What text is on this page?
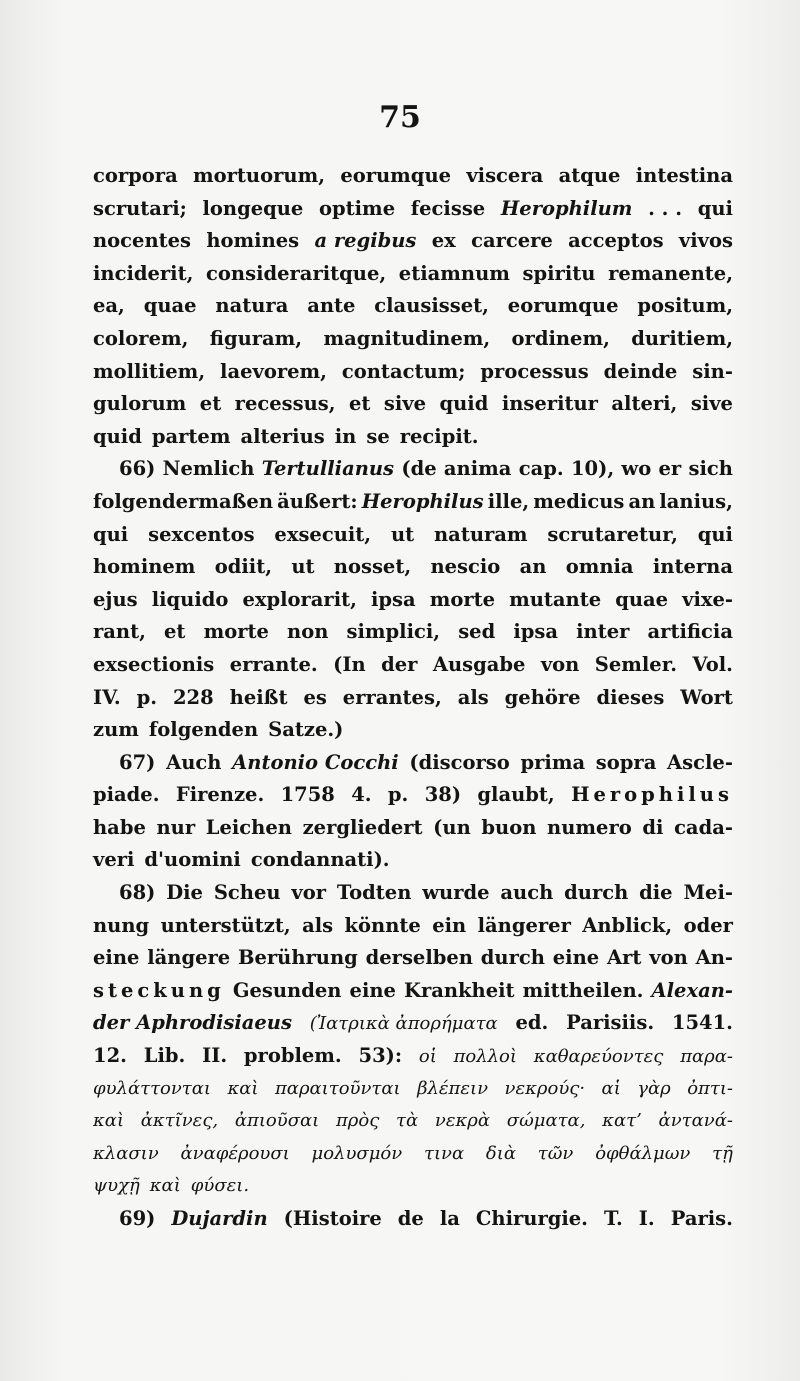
75
corpora mortuorum, eorumque viscera atque intestina
scrutari; longeque optime fecisse Herophilum . . . qui
nocentes homines a regibus ex carcere acceptos vivos
inciderit, consideraritque, etiamnum spiritu remanente,
ea, quae natura ante clausisset, eorumque positum,
colorem, figuram, magnitudinem, ordinem, duritiem,
mollitiem, laevorem, contactum; processus deinde sin-
gulorum et recessus, et sive quid inseritur alteri, sive
quid partem alterius in se recipit.
66) Nemlich Tertullianus (de anima cap. 10), wo er sich
folgendermaßen äußert: Herophilus ille, medicus an lanius,
qui sexcentos exsecuit, ut naturam scrutaretur, qui
hominem odiit, ut nosset, nescio an omnia interna
ejus liquido explorarit, ipsa morte mutante quae vixe-
rant, et morte non simplici, sed ipsa inter artificia
exsectionis errante. (In der Ausgabe von Semler. Vol.
IV. p. 228 heißt es errantes, als gehöre dieses Wort
zum folgenden Satze.)
67) Auch Antonio Cocchi (discorso prima sopra Ascle-
piade. Firenze. 1758 4. p. 38) glaubt, Herophilus
habe nur Leichen zergliedert (un buon numero di cada-
veri d'uomini condannati).
68) Die Scheu vor Todten wurde auch durch die Mei-
nung unterstützt, als könnte ein längerer Anblick, oder
eine längere Berührung derselben durch eine Art von An-
steckung Gesunden eine Krankheit mittheilen. Alexan-
der Aphrodisiaeus (Ἰατρικὰ ἀπορήματα ed. Parisiis. 1541.
12. Lib. II. problem. 53): οἱ πολλοὶ καθαρεύοντες παρα-
φυλάττονται καὶ παραιτοῦνται βλέπειν νεκρούς· αἱ γὰρ ὀπτι-
καὶ ἀκτῖνες, ἀπιοῦσαι πρὸς τὰ νεκρὰ σώματα, κατ’ ἀντανά-
κλασιν ἀναφέρουσι μολυσμόν τινα διὰ τῶν ὀφθάλμων τῇ
ψυχῇ καὶ φύσει.
69) Dujardin (Histoire de la Chirurgie. T. I. Paris.
